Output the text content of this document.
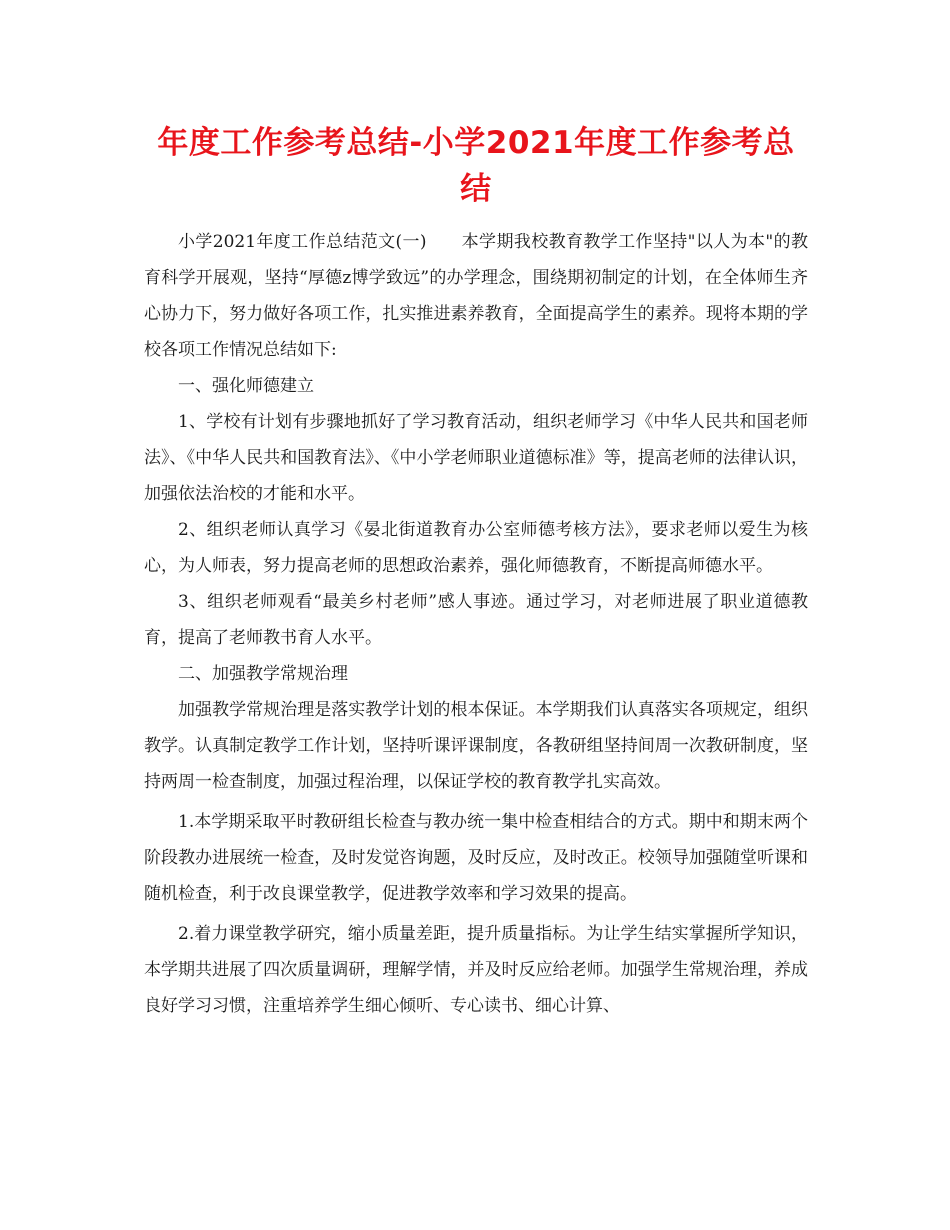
年度工作参考总结-小学2021年度工作参考总结

小学2021年度工作总结范文(一)　　本学期我校教育教学工作坚持"以人为本"的教育科学开展观，坚持“厚德z博学致远”的办学理念，围绕期初制定的计划，在全体师生齐心协力下，努力做好各项工作，扎实推进素养教育，全面提高学生的素养。现将本期的学校各项工作情况总结如下:

一、强化师德建立

1、学校有计划有步骤地抓好了学习教育活动，组织老师学习《中华人民共和国老师法》、《中华人民共和国教育法》、《中小学老师职业道德标准》等，提高老师的法律认识，加强依法治校的才能和水平。

2、组织老师认真学习《晏北街道教育办公室师德考核方法》，要求老师以爱生为核心，为人师表，努力提高老师的思想政治素养，强化师德教育，不断提高师德水平。

3、组织老师观看“最美乡村老师”感人事迹。通过学习，对老师进展了职业道德教育，提高了老师教书育人水平。

二、加强教学常规治理

加强教学常规治理是落实教学计划的根本保证。本学期我们认真落实各项规定，组织教学。认真制定教学工作计划，坚持听课评课制度，各教研组坚持间周一次教研制度，坚持两周一检查制度，加强过程治理，以保证学校的教育教学扎实高效。

1.本学期采取平时教研组长检查与教办统一集中检查相结合的方式。期中和期末两个阶段教办进展统一检查，及时发觉咨询题，及时反应，及时改正。校领导加强随堂听课和随机检查，利于改良课堂教学，促进教学效率和学习效果的提高。

2.着力课堂教学研究，缩小质量差距，提升质量指标。为让学生结实掌握所学知识，本学期共进展了四次质量调研，理解学情，并及时反应给老师。加强学生常规治理，养成良好学习习惯，注重培养学生细心倾听、专心读书、细心计算、
